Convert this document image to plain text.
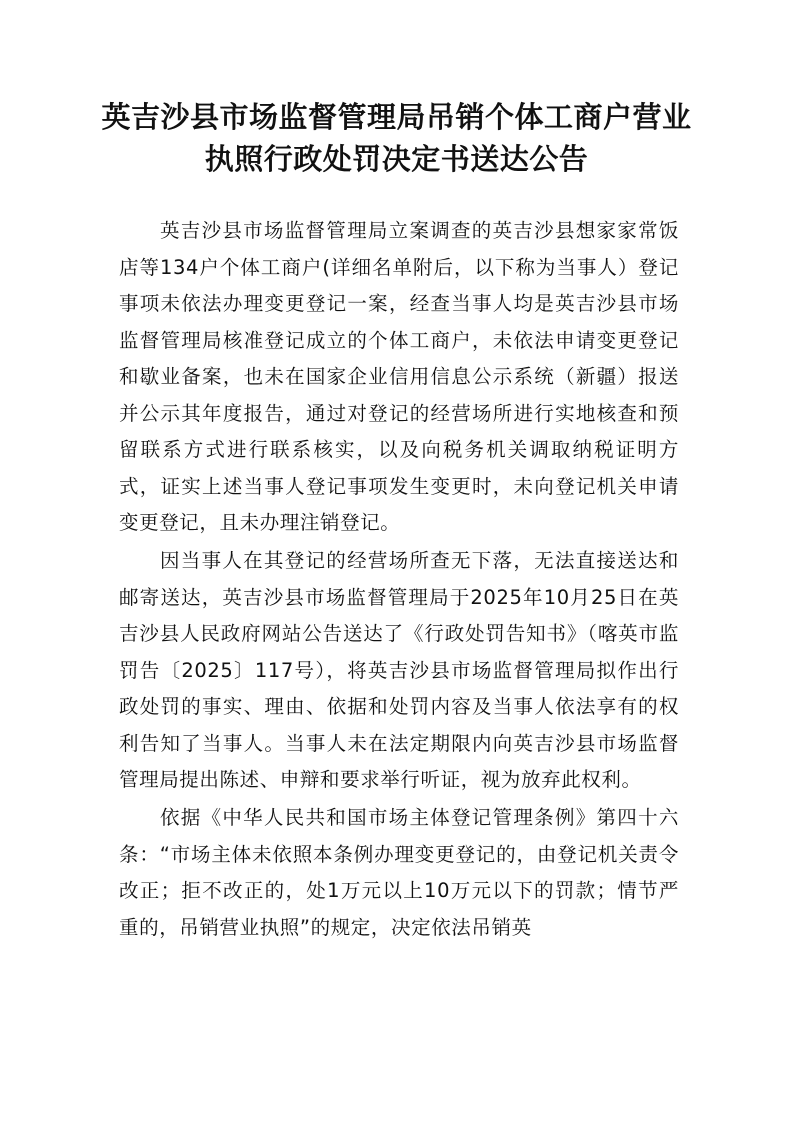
英吉沙县市场监督管理局吊销个体工商户营业
执照行政处罚决定书送达公告

英吉沙县市场监督管理局立案调查的英吉沙县想家家常饭店等134户个体工商户(详细名单附后，以下称为当事人）登记事项未依法办理变更登记一案，经查当事人均是英吉沙县市场监督管理局核准登记成立的个体工商户，未依法申请变更登记和歇业备案，也未在国家企业信用信息公示系统（新疆）报送并公示其年度报告，通过对登记的经营场所进行实地核查和预留联系方式进行联系核实，以及向税务机关调取纳税证明方式，证实上述当事人登记事项发生变更时，未向登记机关申请变更登记，且未办理注销登记。

因当事人在其登记的经营场所查无下落，无法直接送达和邮寄送达，英吉沙县市场监督管理局于2025年10月25日在英吉沙县人民政府网站公告送达了《行政处罚告知书》（喀英市监罚告〔2025〕117号），将英吉沙县市场监督管理局拟作出行政处罚的事实、理由、依据和处罚内容及当事人依法享有的权利告知了当事人。当事人未在法定期限内向英吉沙县市场监督管理局提出陈述、申辩和要求举行听证，视为放弃此权利。

依据《中华人民共和国市场主体登记管理条例》第四十六条：“市场主体未依照本条例办理变更登记的，由登记机关责令改正；拒不改正的，处1万元以上10万元以下的罚款；情节严重的，吊销营业执照”的规定，决定依法吊销英
